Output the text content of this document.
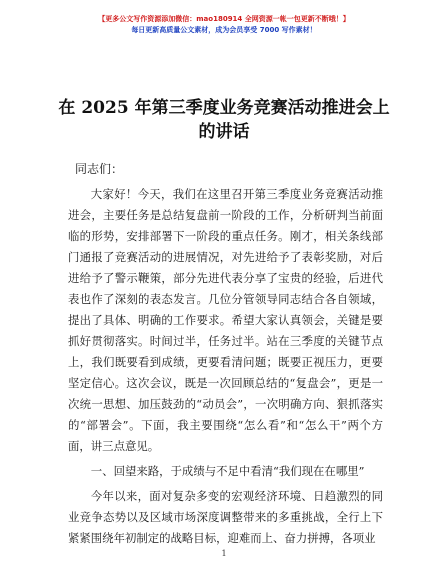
【更多公文写作资源添加微信：mao180914 全网资源一帐一包更新不断哦！】
每日更新高质量公文素材，成为会员享受 7000 写作素材！
在 2025 年第三季度业务竞赛活动推进会上的讲话
同志们：

大家好！今天，我们在这里召开第三季度业务竞赛活动推进会，主要任务是总结复盘前一阶段的工作，分析研判当前面临的形势，安排部署下一阶段的重点任务。刚才，相关条线部门通报了竞赛活动的进展情况，对先进给予了表彰奖励，对后进给予了警示鞭策，部分先进代表分享了宝贵的经验，后进代表也作了深刻的表态发言。几位分管领导同志结合各自领域，提出了具体、明确的工作要求。希望大家认真领会，关键是要抓好贯彻落实。时间过半，任务过半。站在三季度的关键节点上，我们既要看到成绩，更要看清问题；既要正视压力，更要坚定信心。这次会议，既是一次回顾总结的“复盘会”，更是一次统一思想、加压鼓劲的“动员会”，一次明确方向、狠抓落实的“部署会”。下面，我主要围绕“怎么看”和“怎么干”两个方面，讲三点意见。

一、回望来路，于成绩与不足中看清“我们现在在哪里”

今年以来，面对复杂多变的宏观经济环境、日趋激烈的同业竞争态势以及区域市场深度调整带来的多重挑战，全行上下紧紧围绕年初制定的战略目标，迎难而上、奋力拼搏，各项业

1
